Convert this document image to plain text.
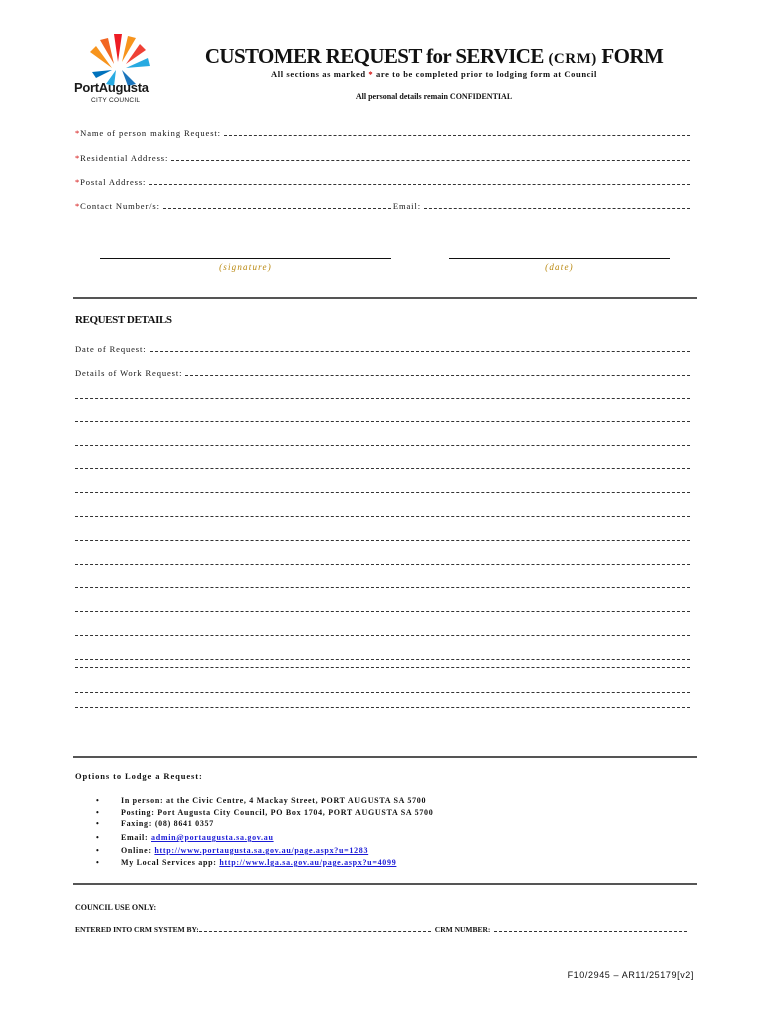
PortAugusta
CITY COUNCIL
CUSTOMER REQUEST for SERVICE (CRM) FORM
All sections as marked * are to be completed prior to lodging form at Council
All personal details remain CONFIDENTIAL
* Name of person making Request:
* Residential Address:
* Postal Address:
* Contact Number/s:	Email:
(signature)	(date)
REQUEST DETAILS
Date of Request:
Details of Work Request:
Options to Lodge a Request:
•	In person: at the Civic Centre, 4 Mackay Street, PORT AUGUSTA SA 5700
•	Posting: Port Augusta City Council, PO Box 1704, PORT AUGUSTA SA 5700
•	Faxing: (08) 8641 0357
•	Email:
admin@portaugusta.sa.gov.au
•	Online:
http://www.portaugusta.sa.gov.au/page.aspx?u=1283
•	My Local Services app:
http://www.lga.sa.gov.au/page.aspx?u=4099
COUNCIL USE ONLY:
ENTERED INTO CRM SYSTEM BY:	CRM NUMBER:
F10/2945 – AR11/25179[v2]
